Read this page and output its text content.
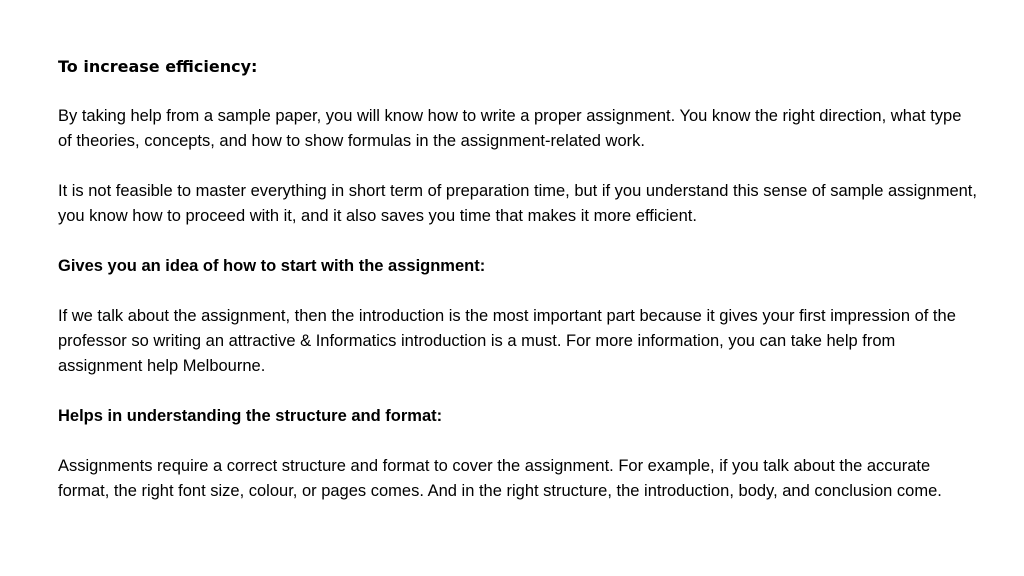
To increase efficiency:

By taking help from a sample paper, you will know how to write a proper assignment. You know the right direction, what type of theories, concepts, and how to show formulas in the assignment-related work.

It is not feasible to master everything in short term of preparation time, but if you understand this sense of sample assignment, you know how to proceed with it, and it also saves you time that makes it more efficient.

Gives you an idea of how to start with the assignment:

If we talk about the assignment, then the introduction is the most important part because it gives your first impression of the professor so writing an attractive & Informatics introduction is a must. For more information, you can take help from assignment help Melbourne.

Helps in understanding the structure and format:

Assignments require a correct structure and format to cover the assignment. For example, if you talk about the accurate format, the right font size, colour, or pages comes. And in the right structure, the introduction, body, and conclusion come.
